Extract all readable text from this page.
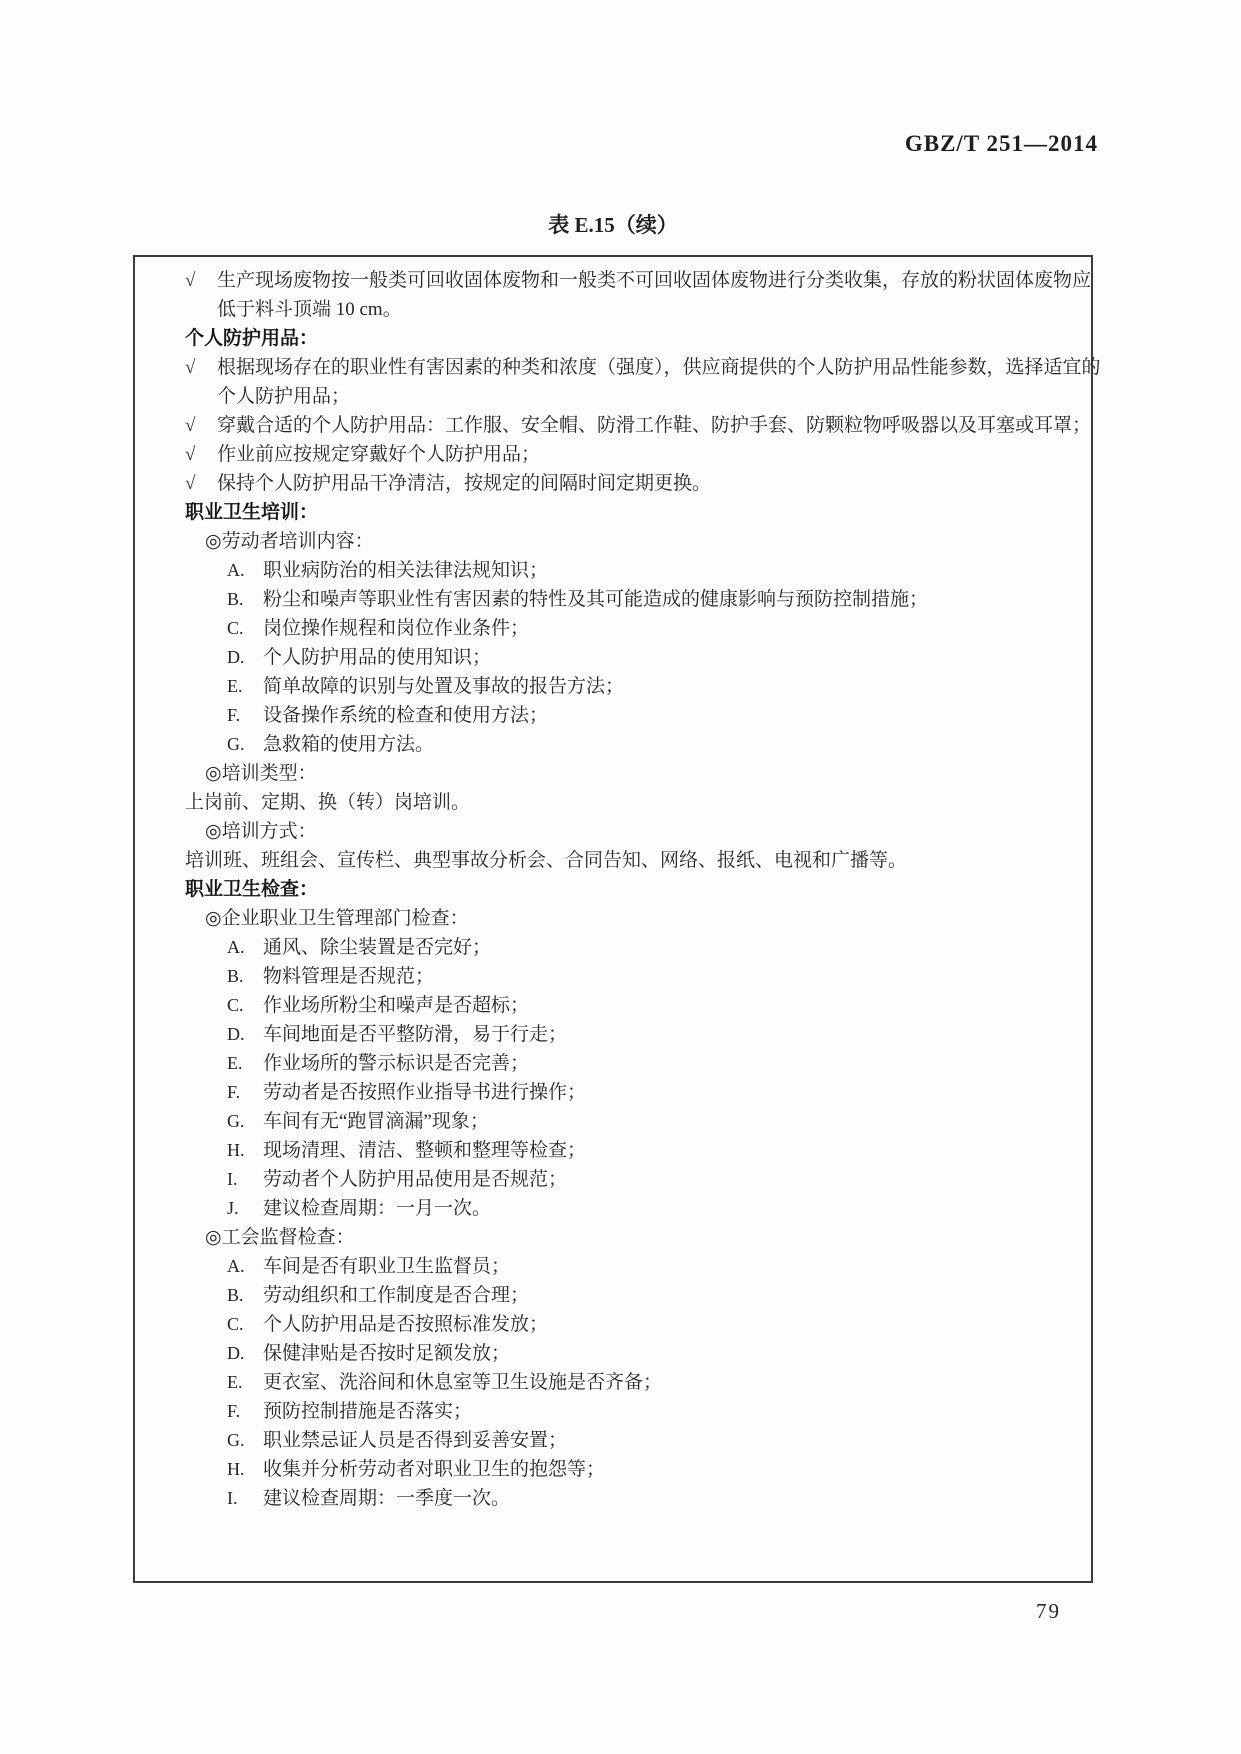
GBZ/T 251—2014
表 E.15（续）
√ 生产现场废物按一般类可回收固体废物和一般类不可回收固体废物进行分类收集，存放的粉状固体废物应
低于料斗顶端 10 cm。
个人防护用品：
√ 根据现场存在的职业性有害因素的种类和浓度（强度），供应商提供的个人防护用品性能参数，选择适宜的
个人防护用品；
√ 穿戴合适的个人防护用品：工作服、安全帽、防滑工作鞋、防护手套、防颗粒物呼吸器以及耳塞或耳罩；
√ 作业前应按规定穿戴好个人防护用品；
√ 保持个人防护用品干净清洁，按规定的间隔时间定期更换。
职业卫生培训：
◎劳动者培训内容：
A. 职业病防治的相关法律法规知识；
B. 粉尘和噪声等职业性有害因素的特性及其可能造成的健康影响与预防控制措施；
C. 岗位操作规程和岗位作业条件；
D. 个人防护用品的使用知识；
E. 简单故障的识别与处置及事故的报告方法；
F. 设备操作系统的检查和使用方法；
G. 急救箱的使用方法。
◎培训类型：
上岗前、定期、换（转）岗培训。
◎培训方式：
培训班、班组会、宣传栏、典型事故分析会、合同告知、网络、报纸、电视和广播等。
职业卫生检查：
◎企业职业卫生管理部门检查：
A. 通风、除尘装置是否完好；
B. 物料管理是否规范；
C. 作业场所粉尘和噪声是否超标；
D. 车间地面是否平整防滑，易于行走；
E. 作业场所的警示标识是否完善；
F. 劳动者是否按照作业指导书进行操作；
G. 车间有无“跑冒滴漏”现象；
H. 现场清理、清洁、整顿和整理等检查；
I. 劳动者个人防护用品使用是否规范；
J. 建议检查周期：一月一次。
◎工会监督检查：
A. 车间是否有职业卫生监督员；
B. 劳动组织和工作制度是否合理；
C. 个人防护用品是否按照标准发放；
D. 保健津贴是否按时足额发放；
E. 更衣室、洗浴间和休息室等卫生设施是否齐备；
F. 预防控制措施是否落实；
G. 职业禁忌证人员是否得到妥善安置；
H. 收集并分析劳动者对职业卫生的抱怨等；
I. 建议检查周期：一季度一次。
79
